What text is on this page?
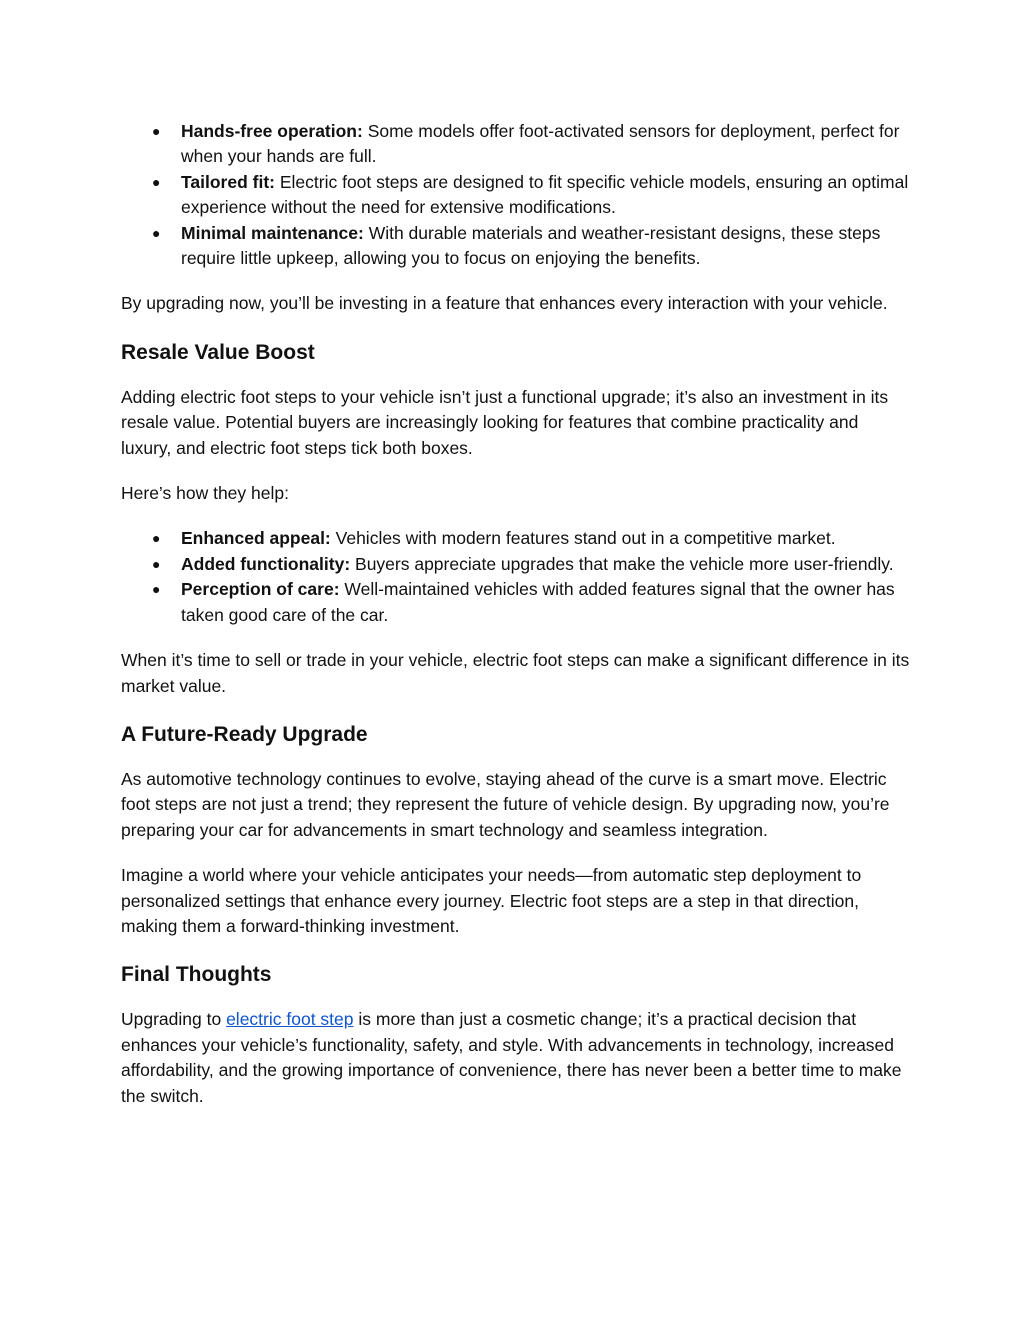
● Hands-free operation: Some models offer foot-activated sensors for deployment, perfect for when your hands are full.
● Tailored fit: Electric foot steps are designed to fit specific vehicle models, ensuring an optimal experience without the need for extensive modifications.
● Minimal maintenance: With durable materials and weather-resistant designs, these steps require little upkeep, allowing you to focus on enjoying the benefits.

By upgrading now, you’ll be investing in a feature that enhances every interaction with your vehicle.

Resale Value Boost

Adding electric foot steps to your vehicle isn’t just a functional upgrade; it’s also an investment in its resale value. Potential buyers are increasingly looking for features that combine practicality and luxury, and electric foot steps tick both boxes.

Here’s how they help:

● Enhanced appeal: Vehicles with modern features stand out in a competitive market.
● Added functionality: Buyers appreciate upgrades that make the vehicle more user-friendly.
● Perception of care: Well-maintained vehicles with added features signal that the owner has taken good care of the car.

When it’s time to sell or trade in your vehicle, electric foot steps can make a significant difference in its market value.

A Future-Ready Upgrade

As automotive technology continues to evolve, staying ahead of the curve is a smart move. Electric foot steps are not just a trend; they represent the future of vehicle design. By upgrading now, you’re preparing your car for advancements in smart technology and seamless integration.

Imagine a world where your vehicle anticipates your needs—from automatic step deployment to personalized settings that enhance every journey. Electric foot steps are a step in that direction, making them a forward-thinking investment.

Final Thoughts

Upgrading to electric foot step is more than just a cosmetic change; it’s a practical decision that enhances your vehicle’s functionality, safety, and style. With advancements in technology, increased affordability, and the growing importance of convenience, there has never been a better time to make the switch.
